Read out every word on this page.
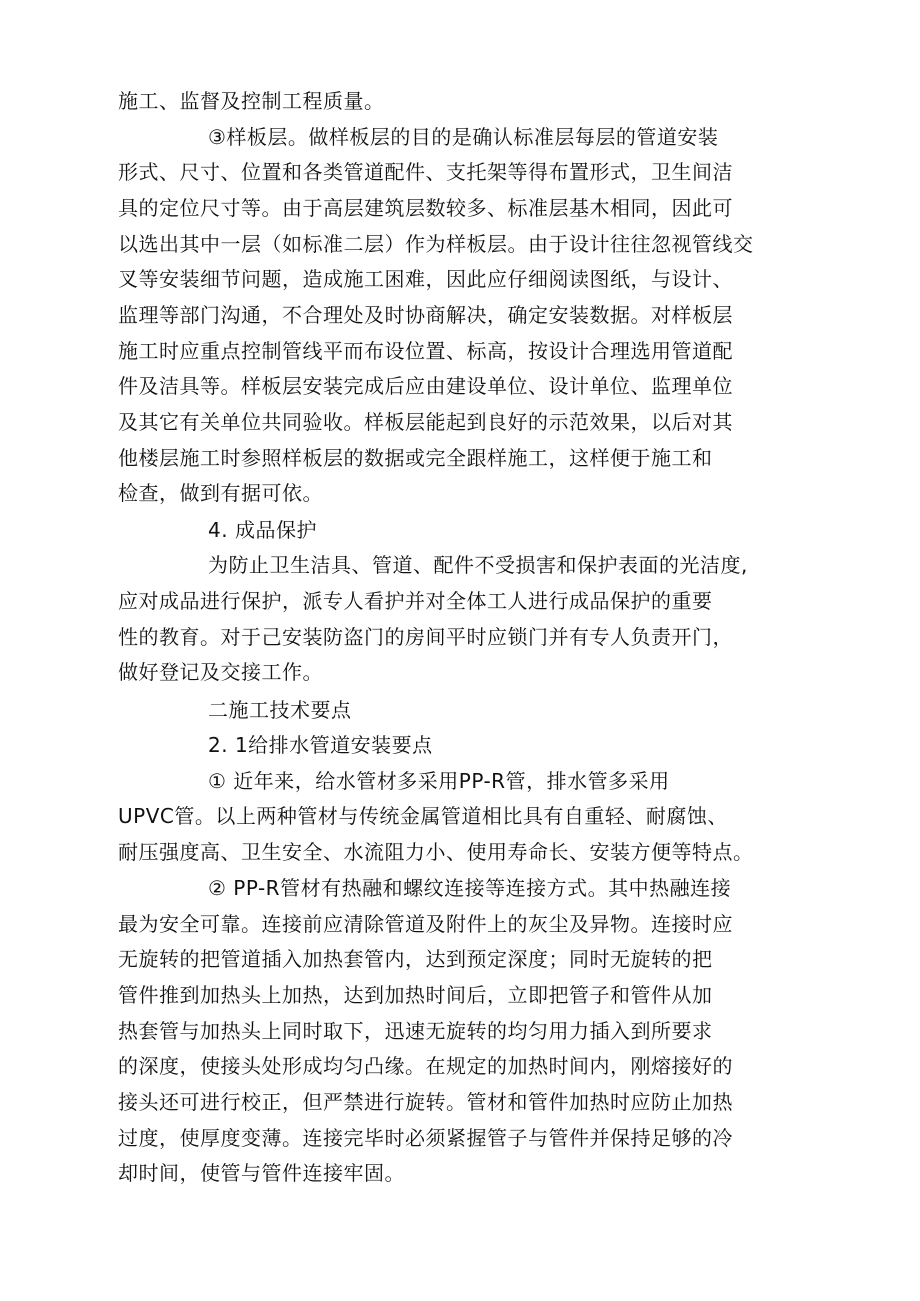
施工、监督及控制工程质量。
③样板层。做样板层的目的是确认标准层每层的管道安装
形式、尺寸、位置和各类管道配件、支托架等得布置形式，卫生间洁
具的定位尺寸等。由于高层建筑层数较多、标准层基木相同，因此可
以选出其中一层（如标准二层）作为样板层。由于设计往往忽视管线交
叉等安装细节问题，造成施工困难，因此应仔细阅读图纸，与设计、
监理等部门沟通，不合理处及时协商解决，确定安装数据。对样板层
施工时应重点控制管线平而布设位置、标高，按设计合理选用管道配
件及洁具等。样板层安装完成后应由建设单位、设计单位、监理单位
及其它有关单位共同验收。样板层能起到良好的示范效果，以后对其
他楼层施工时参照样板层的数据或完全跟样施工，这样便于施工和
检查，做到有据可依。
4. 成品保护
为防止卫生洁具、管道、配件不受损害和保护表面的光洁度,
应对成品进行保护，派专人看护并对全体工人进行成品保护的重要
性的教育。对于己安装防盗门的房间平时应锁门并有专人负责开门，
做好登记及交接工作。
二施工技术要点
2. 1给排水管道安装要点
① 近年来，给水管材多采用PP-R管，排水管多采用
UPVC管。以上两种管材与传统金属管道相比具有自重轻、耐腐蚀、
耐压强度高、卫生安全、水流阻力小、使用寿命长、安装方便等特点。
② PP-R管材有热融和螺纹连接等连接方式。其中热融连接
最为安全可靠。连接前应清除管道及附件上的灰尘及异物。连接时应
无旋转的把管道插入加热套管内，达到预定深度；同时无旋转的把
管件推到加热头上加热，达到加热时间后，立即把管子和管件从加
热套管与加热头上同时取下，迅速无旋转的均匀用力插入到所要求
的深度，使接头处形成均匀凸缘。在规定的加热时间内，刚熔接好的
接头还可进行校正，但严禁进行旋转。管材和管件加热时应防止加热
过度，使厚度变薄。连接完毕时必须紧握管子与管件并保持足够的冷
却时间，使管与管件连接牢固。
